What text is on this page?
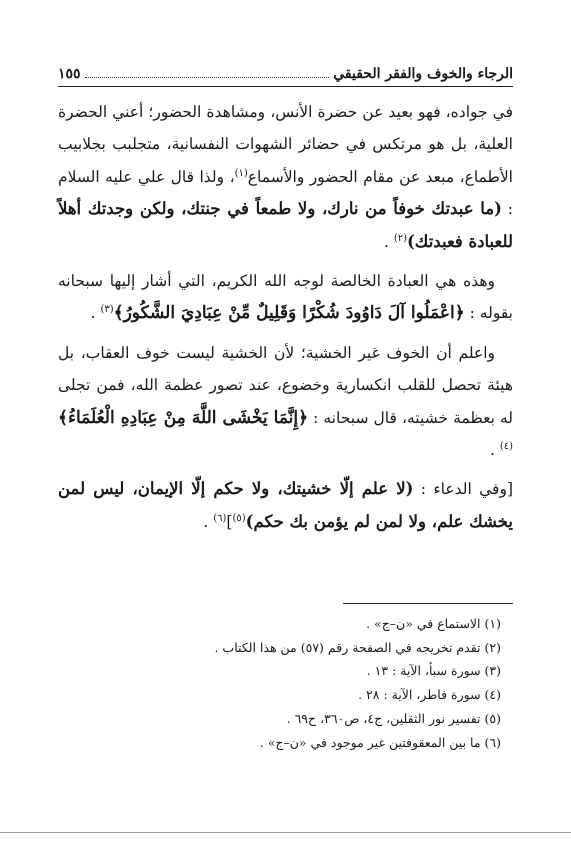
الرجاء والخوف والفقر الحقيقي
١٥٥

في جواده، فهو بعيد عن حضرة الأنس، ومشاهدة الحضور؛ أعني الحضرة العلية، بل هو مرتكس في حضائر الشهوات النفسانية، متجلبب بجلابيب الأطماع، مبعد عن مقام الحضور والأسماع$^{(١)}$، ولذا قال علي عليه السلام : (ما عبدتك خوفاً من نارك، ولا طمعاً في جنتك، ولكن وجدتك أهلاً للعبادة فعبدتك)$^{(٢)}$ .

وهذه هي العبادة الخالصة لوجه الله الكريم، التي أشار إليها سبحانه بقوله : ﴿اعْمَلُوا آلَ دَاوُودَ شُكْرًا وَقَلِيلٌ مِّنْ عِبَادِيَ الشَّكُورُ﴾$^{(٣)}$ .

واعلم أن الخوف غير الخشية؛ لأن الخشية ليست خوف العقاب، بل هيئة تحصل للقلب انكسارية وخضوع، عند تصور عظمة الله، فمن تجلى له بعظمة خشيته، قال سبحانه : ﴿إِنَّمَا يَخْشَى اللَّهَ مِنْ عِبَادِهِ الْعُلَمَاءُ﴾$^{(٤)}$ .

[وفي الدعاء : (لا علم إلّا خشيتك، ولا حكم إلّا الإيمان، ليس لمن يخشك علم، ولا لمن لم يؤمن بك حكم)$^{(٥)}$]$^{(٦)}$ .

(١) الاستماع في «ن–ج» .
(٢) تقدم تخريجه في الصفحة رقم (٥٧) من هذا الكتاب .
(٣) سورة سبأ، الآية : ١٣ .
(٤) سورة فاطر، الآية : ٢٨ .
(٥) تفسير نور الثقلين، ج٤، ص٣٦٠، ح٦٩ .
(٦) ما بين المعقوفتين غير موجود في «ن–ج» .
